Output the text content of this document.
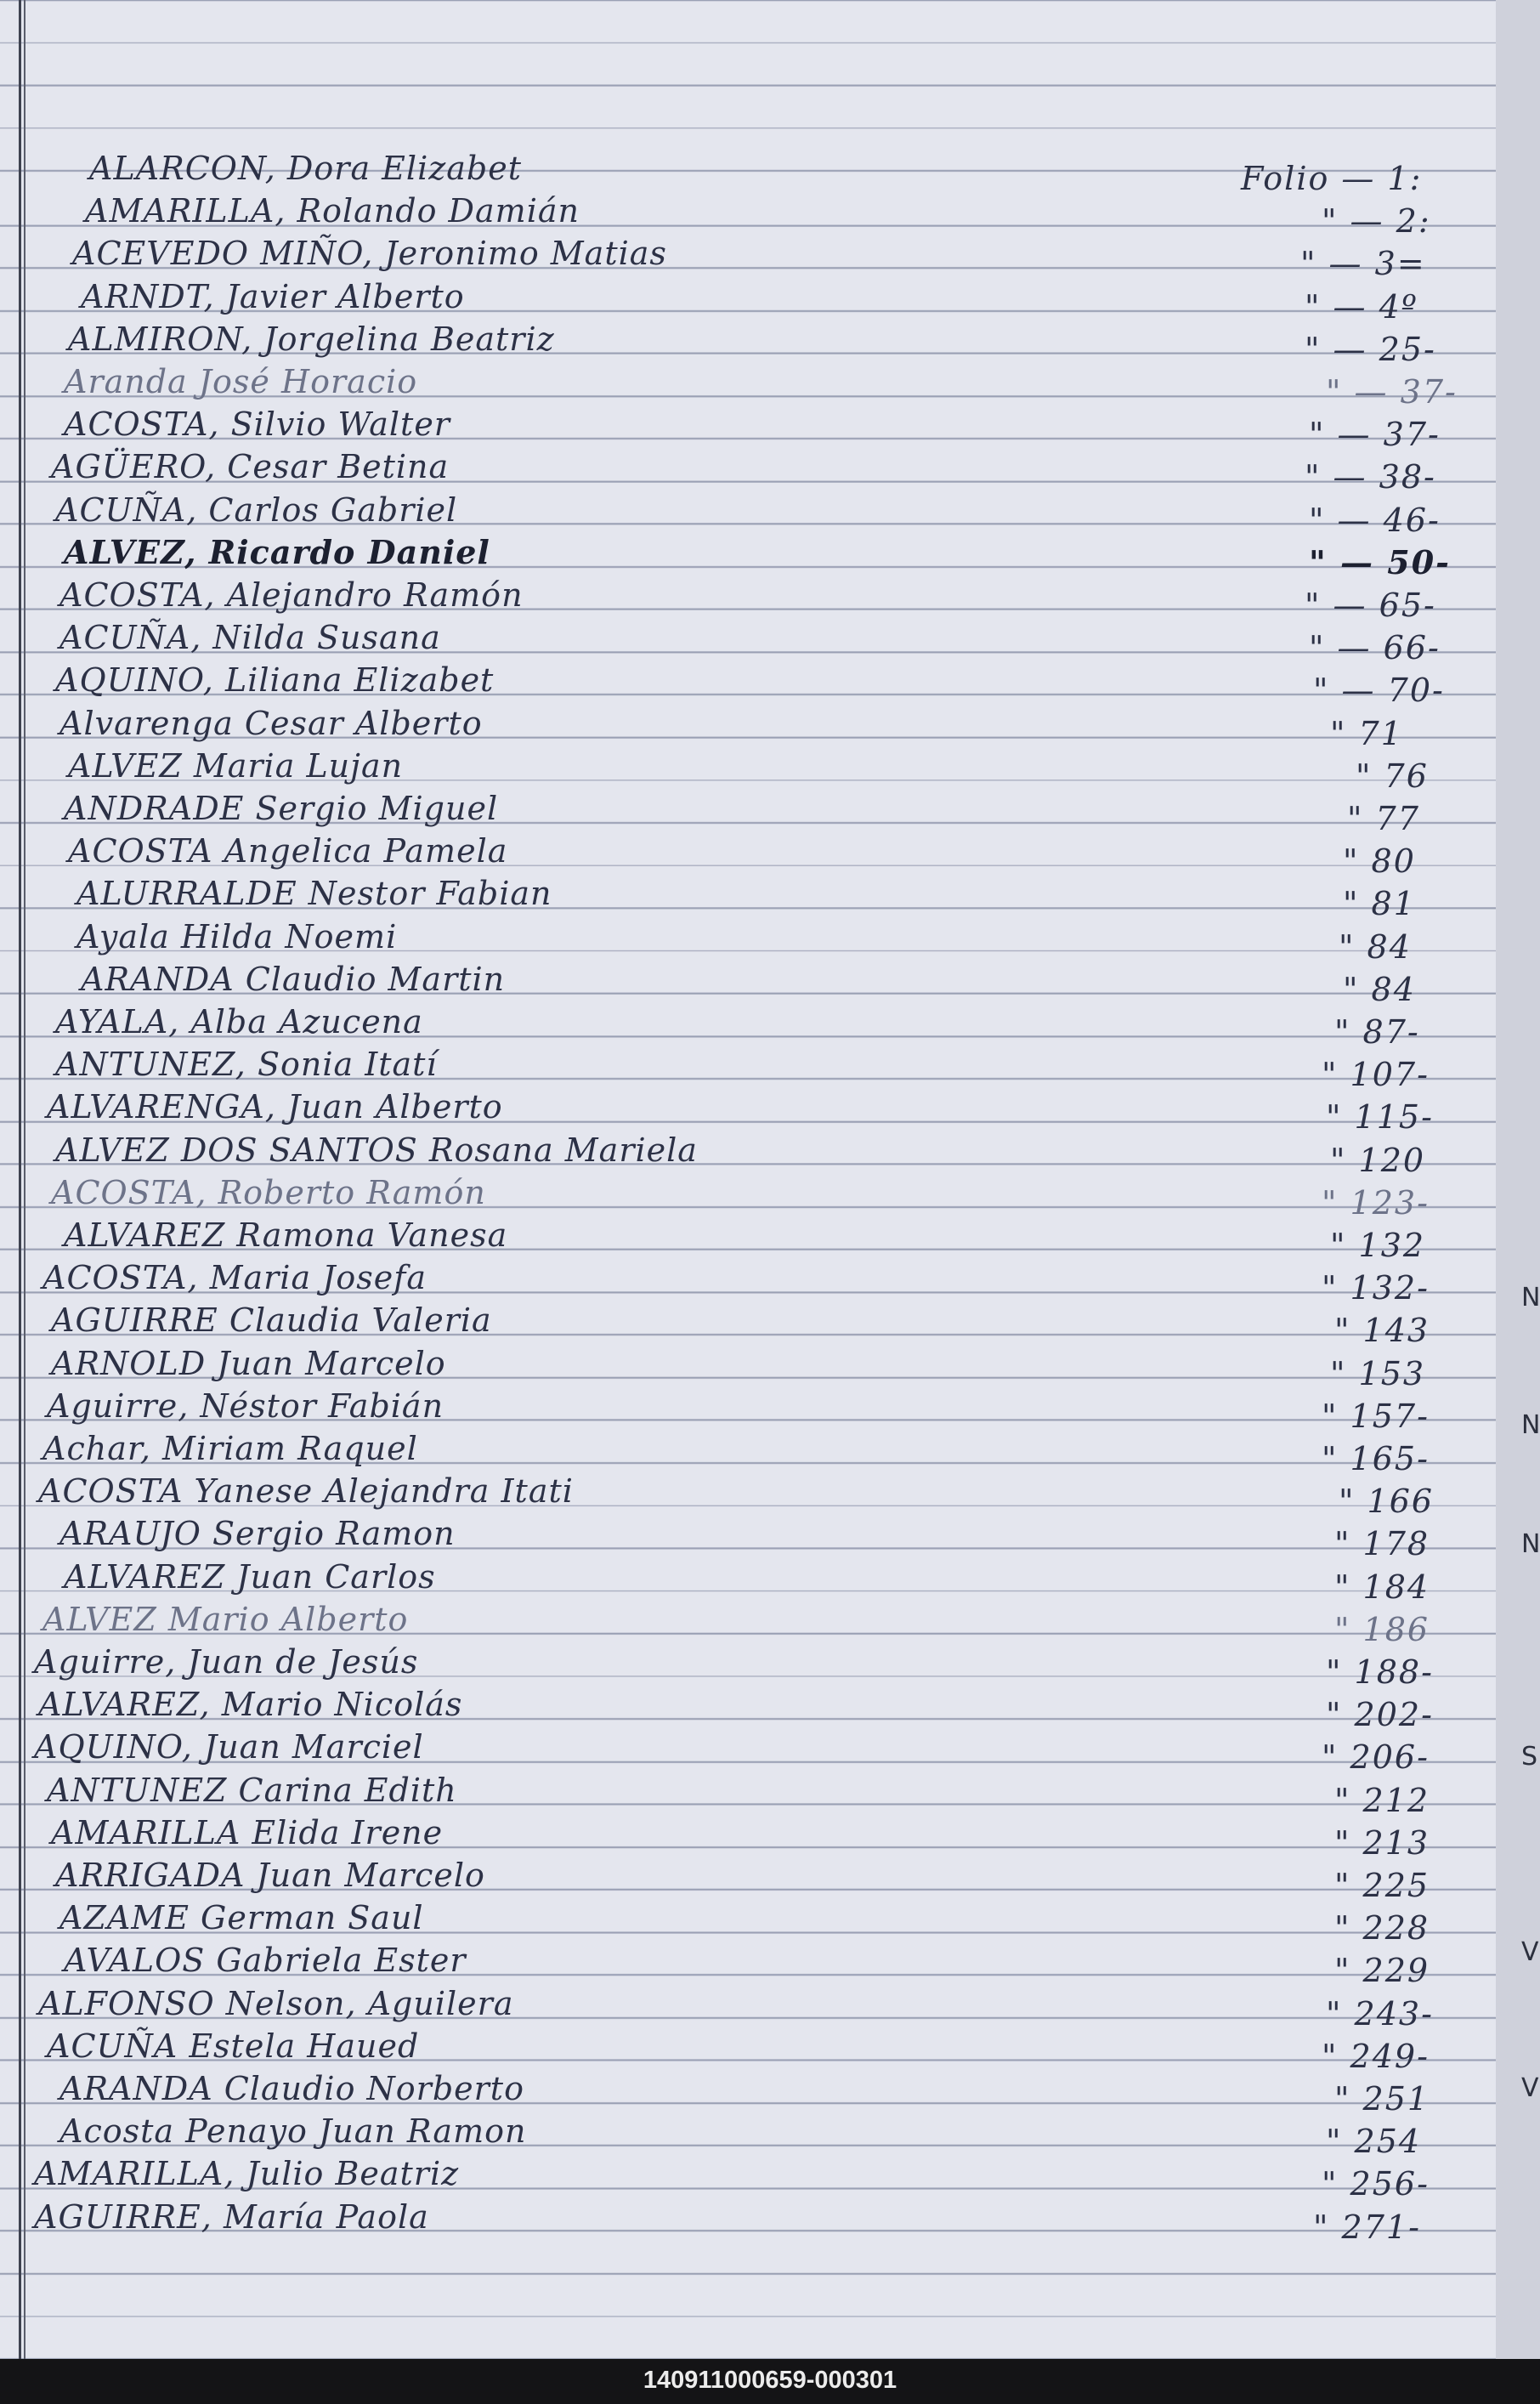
N
N
N
V
S
V
ALARCON, Dora Elizabet	Folio — 1:
AMARILLA, Rolando Damián	" — 2:
ACEVEDO MIÑO, Jeronimo Matias	" — 3=
ARNDT, Javier Alberto	" — 4º
ALMIRON, Jorgelina Beatriz	" — 25-
Aranda José Horacio	" — 37-
ACOSTA, Silvio Walter	" — 37-
AGÜERO, Cesar Betina	" — 38-
ACUÑA, Carlos Gabriel	" — 46-
ALVEZ, Ricardo Daniel	" — 50-
ACOSTA, Alejandro Ramón	" — 65-
ACUÑA, Nilda Susana	" — 66-
AQUINO, Liliana Elizabet	" — 70-
Alvarenga Cesar Alberto	" 71
ALVEZ Maria Lujan	" 76
ANDRADE Sergio Miguel	" 77
ACOSTA Angelica Pamela	" 80
ALURRALDE Nestor Fabian	" 81
Ayala Hilda Noemi	" 84
ARANDA Claudio Martin	" 84
AYALA, Alba Azucena	" 87-
ANTUNEZ, Sonia Itatí	" 107-
ALVARENGA, Juan Alberto	" 115-
ALVEZ DOS SANTOS Rosana Mariela	" 120
ACOSTA, Roberto Ramón	" 123-
ALVAREZ Ramona Vanesa	" 132
ACOSTA, Maria Josefa	" 132-
AGUIRRE Claudia Valeria	" 143
ARNOLD Juan Marcelo	" 153
Aguirre, Néstor Fabián	" 157-
Achar, Miriam Raquel	" 165-
ACOSTA Yanese Alejandra Itati	" 166
ARAUJO Sergio Ramon	" 178
ALVAREZ Juan Carlos	" 184
ALVEZ Mario Alberto	" 186
Aguirre, Juan de Jesús	" 188-
ALVAREZ, Mario Nicolás	" 202-
AQUINO, Juan Marciel	" 206-
ANTUNEZ Carina Edith	" 212
AMARILLA Elida Irene	" 213
ARRIGADA Juan Marcelo	" 225
AZAME German Saul	" 228
AVALOS Gabriela Ester	" 229
ALFONSO Nelson, Aguilera	" 243-
ACUÑA Estela Haued	" 249-
ARANDA Claudio Norberto	" 251
Acosta Penayo Juan Ramon	" 254
AMARILLA, Julio Beatriz	" 256-
AGUIRRE, María Paola	" 271-
140911000659-000301
